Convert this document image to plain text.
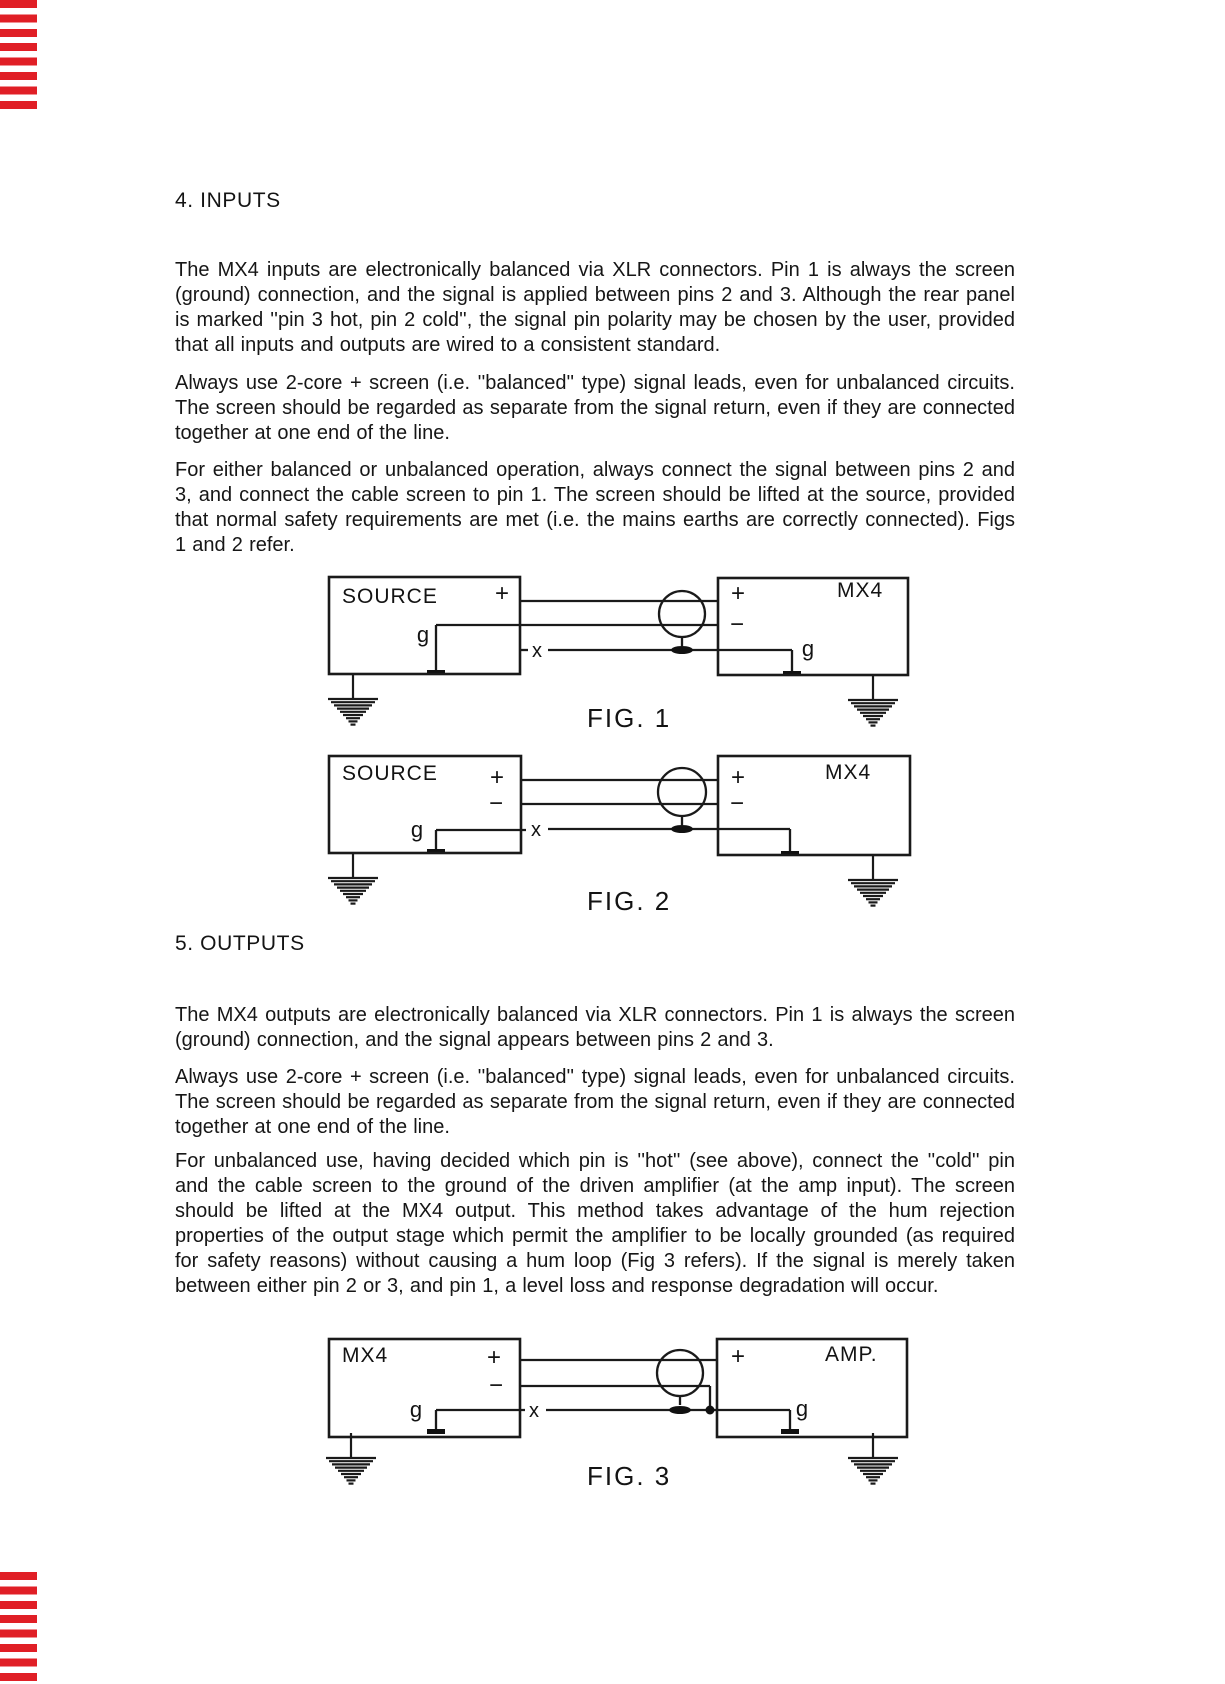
4. INPUTS
The MX4 inputs are electronically balanced via XLR connectors. Pin 1 is always the screen (ground) connection, and the signal is applied between pins 2 and 3. Although the rear panel is marked ''pin 3 hot, pin 2 cold'', the signal pin polarity may be chosen by the user, provided that all inputs and outputs are wired to a consistent standard.
Always use 2-core + screen (i.e. ''balanced'' type) signal leads, even for unbalanced circuits. The screen should be regarded as separate from the signal return, even if they are connected together at one end of the line.
For either balanced or unbalanced operation, always connect the signal between pins 2 and 3, and connect the cable screen to pin 1. The screen should be lifted at the source, provided that normal safety requirements are met (i.e. the mains earths are correctly connected). Figs 1 and 2 refer.
SOURCE +
g
x
+
−
MX4
g
FIG. 1
SOURCE +
−
g	x
+
−
MX4
FIG. 2
5. OUTPUTS
The MX4 outputs are electronically balanced via XLR connectors. Pin 1 is always the screen (ground) connection, and the signal appears between pins 2 and 3.
Always use 2-core + screen (i.e. ''balanced'' type) signal leads, even for unbalanced circuits. The screen should be regarded as separate from the signal return, even if they are connected together at one end of the line.
For unbalanced use, having decided which pin is ''hot'' (see above), connect the ''cold'' pin and the cable screen to the ground of the driven amplifier (at the amp input). The screen should be lifted at the MX4 output. This method takes advantage of the hum rejection properties of the output stage which permit the amplifier to be locally grounded (as required for safety reasons) without causing a hum loop (Fig 3 refers). If the signal is merely taken between either pin 2 or 3, and pin 1, a level loss and response degradation will occur.
MX4	+
−
g	x
+	AMP.
g
FIG. 3
